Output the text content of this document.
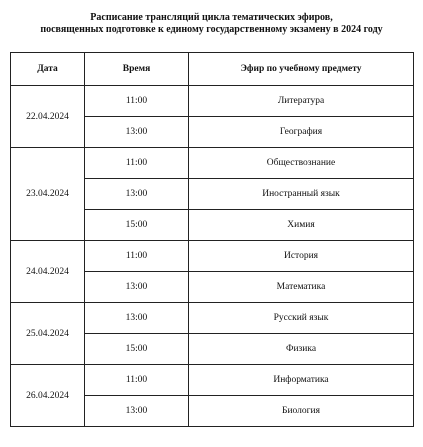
Расписание трансляций цикла тематических эфиров,
посвященных подготовке к единому государственному экзамену в 2024 году
Дата	Время	Эфир по учебному предмету
22.04.2024	11:00	Литература
	13:00	География
23.04.2024	11:00	Обществознание
	13:00	Иностранный язык
	15:00	Химия
24.04.2024	11:00	История
	13:00	Математика
25.04.2024	13:00	Русский язык
	15:00	Физика
26.04.2024	11:00	Информатика
	13:00	Биология
